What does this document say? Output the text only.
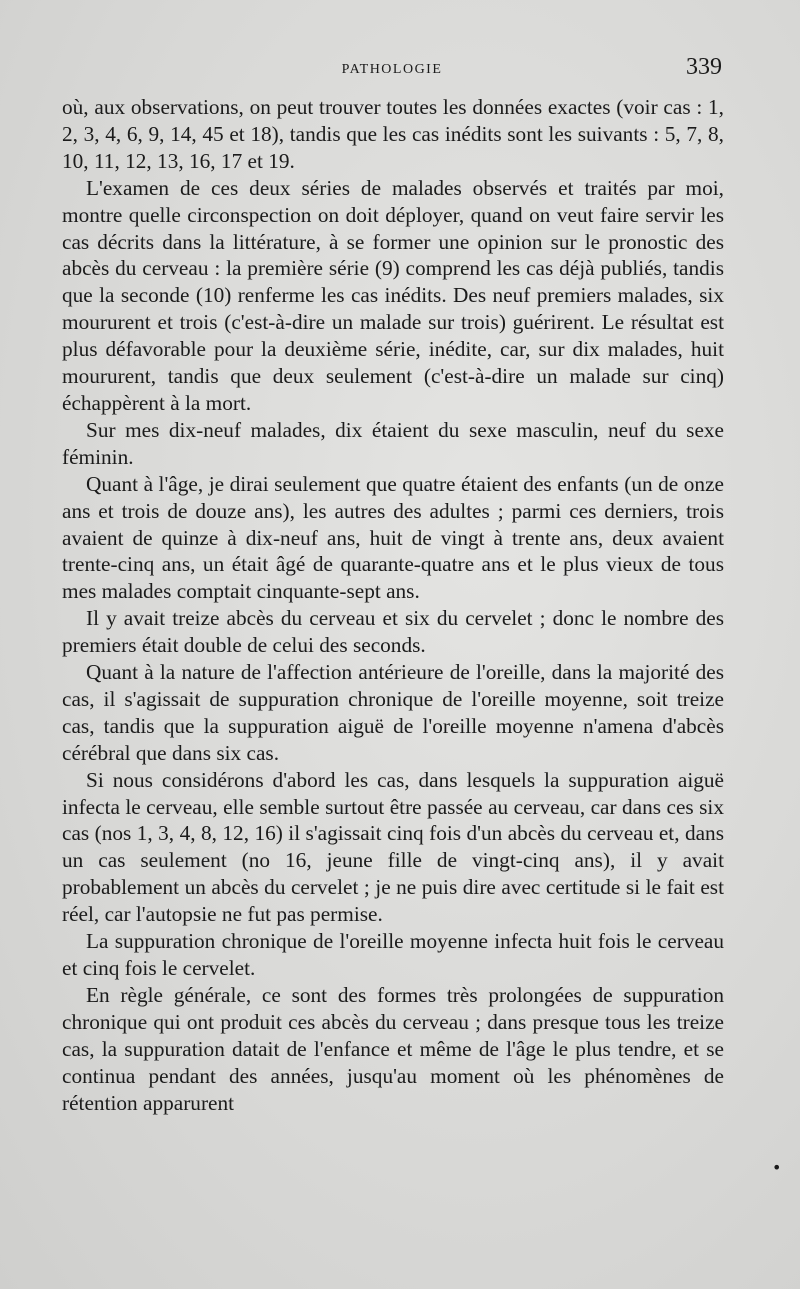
PATHOLOGIE	339

où, aux observations, on peut trouver toutes les données exactes (voir cas : 1, 2, 3, 4, 6, 9, 14, 45 et 18), tandis que les cas inédits sont les suivants : 5, 7, 8, 10, 11, 12, 13, 16, 17 et 19.

L'examen de ces deux séries de malades observés et traités par moi, montre quelle circonspection on doit déployer, quand on veut faire servir les cas décrits dans la littérature, à se former une opinion sur le pronostic des abcès du cerveau : la première série (9) comprend les cas déjà publiés, tandis que la seconde (10) renferme les cas inédits. Des neuf premiers malades, six moururent et trois (c'est-à-dire un malade sur trois) guérirent. Le résultat est plus défavorable pour la deuxième série, inédite, car, sur dix malades, huit moururent, tandis que deux seulement (c'est-à-dire un malade sur cinq) échappèrent à la mort.

Sur mes dix-neuf malades, dix étaient du sexe masculin, neuf du sexe féminin.

Quant à l'âge, je dirai seulement que quatre étaient des enfants (un de onze ans et trois de douze ans), les autres des adultes ; parmi ces derniers, trois avaient de quinze à dix-neuf ans, huit de vingt à trente ans, deux avaient trente-cinq ans, un était âgé de quarante-quatre ans et le plus vieux de tous mes malades comptait cinquante-sept ans.

Il y avait treize abcès du cerveau et six du cervelet ; donc le nombre des premiers était double de celui des seconds.

Quant à la nature de l'affection antérieure de l'oreille, dans la majorité des cas, il s'agissait de suppuration chronique de l'oreille moyenne, soit treize cas, tandis que la suppuration aiguë de l'oreille moyenne n'amena d'abcès cérébral que dans six cas.

Si nous considérons d'abord les cas, dans lesquels la suppuration aiguë infecta le cerveau, elle semble surtout être passée au cerveau, car dans ces six cas (nos 1, 3, 4, 8, 12, 16) il s'agissait cinq fois d'un abcès du cerveau et, dans un cas seulement (no 16, jeune fille de vingt-cinq ans), il y avait probablement un abcès du cervelet ; je ne puis dire avec certitude si le fait est réel, car l'autopsie ne fut pas permise.

La suppuration chronique de l'oreille moyenne infecta huit fois le cerveau et cinq fois le cervelet.

En règle générale, ce sont des formes très prolongées de suppuration chronique qui ont produit ces abcès du cerveau ; dans presque tous les treize cas, la suppuration datait de l'enfance et même de l'âge le plus tendre, et se continua pendant des années, jusqu'au moment où les phénomènes de rétention apparurent

•
